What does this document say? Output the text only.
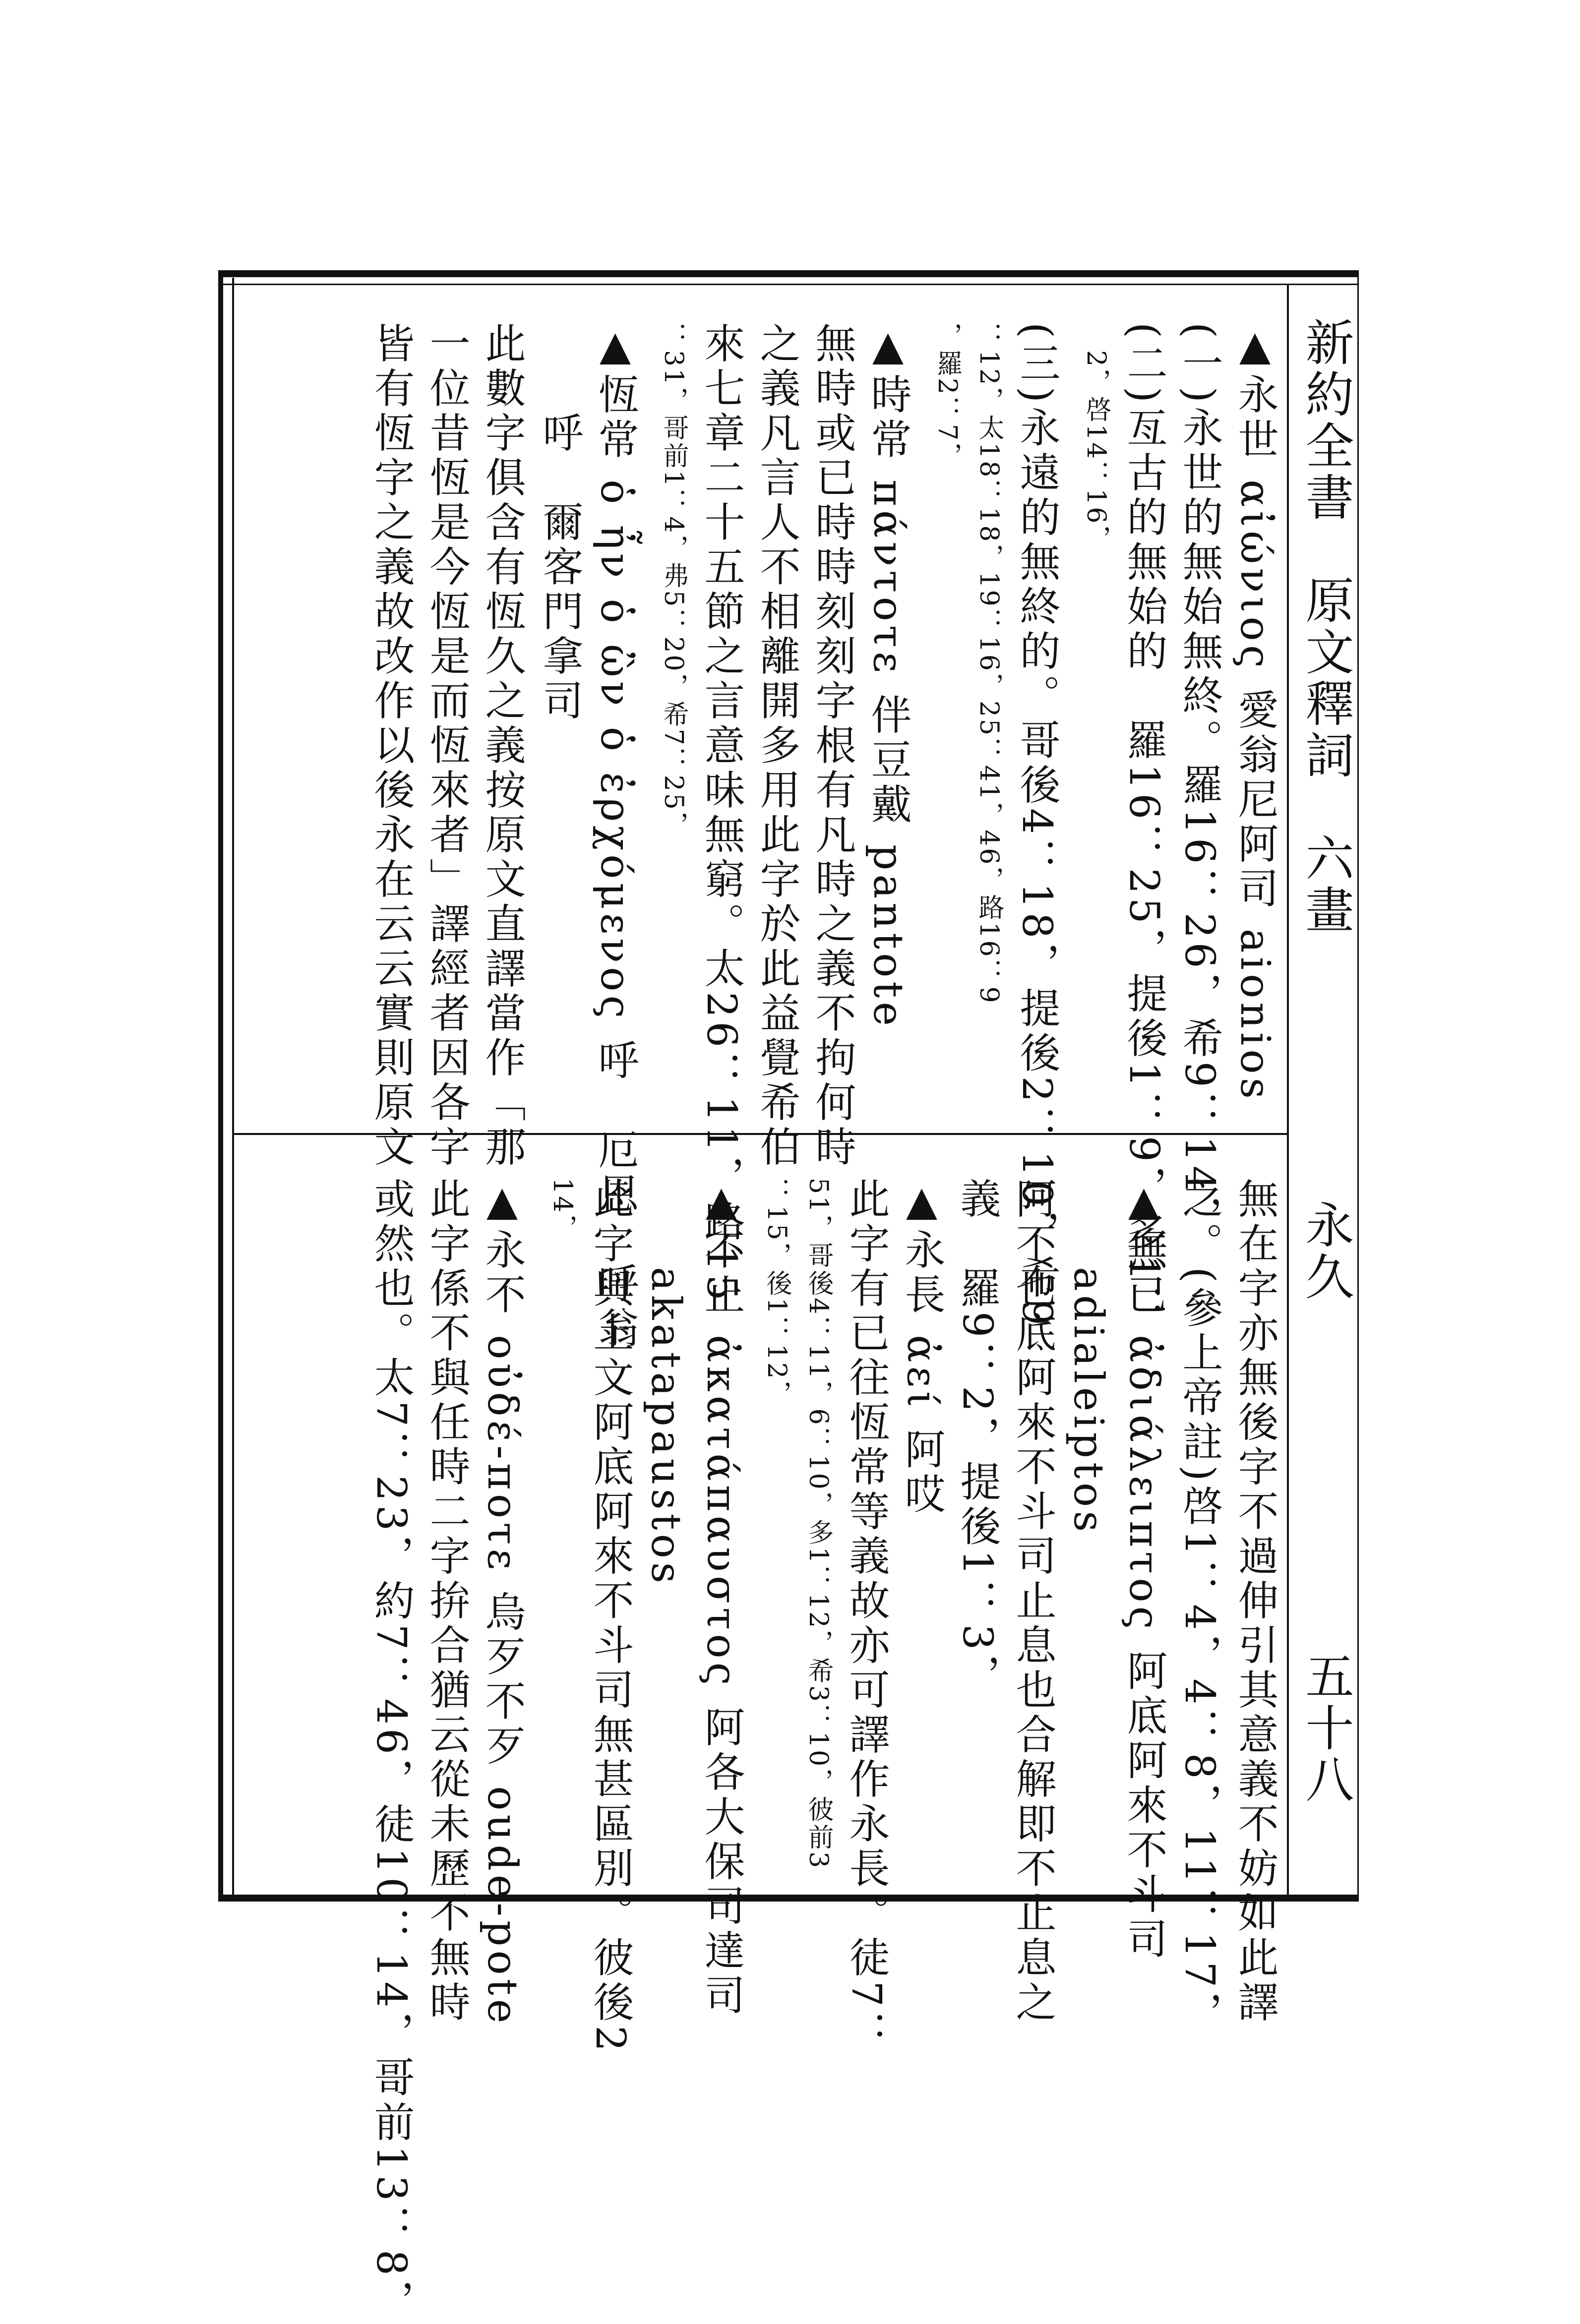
新約全書　原文釋詞　六畫
永久
五十八
▲永世 αἰώνιος 愛翁尼阿司 aionios
(一)永世的無始無終。羅16：26，希9：14，
(二)亙古的無始的　羅16：25，提後1：9，多1：
　2，啓14：16，
(三)永遠的無終的。哥後4：18，提後2：10，希9
：12，太18：18，19：16，25：41，46，路16：9
，羅2：7，
▲時常 πάντοτε 伴豆戴 pantote
無時或已時時刻刻字根有凡時之義不拘何時
之義凡言人不相離開多用此字於此益覺希伯
來七章二十五節之言意味無窮。太26：11，路15
：31，哥前1：4，弗5：20，希7：25，
▲恆常 ὁ ἦν ὁ ὢν ὁ ἐρχόμενος 呼　厄恩　呼翁
　　呼　爾客門拿司
此數字俱含有恆久之義按原文直譯當作「那
一位昔恆是今恆是而恆來者」譯經者因各字
皆有恆字之義故改作以後永在云云實則原文
無在字亦無後字不過伸引其意義不妨如此譯
之。(參上帝註)啓1：4，4：8，11：17，
▲無已 ἀδιάλειπτος 阿底阿來不斗司
　　adialeiptos
阿不也底阿來不斗司止息也合解即不止息之
義　羅9：2，提後1：3，
▲永長 ἀεί 阿哎
此字有已往恆常等義故亦可譯作永長。徒7：
51，哥後4：11，6：10，多1：12，希3：10，彼前3
：15，後1：12，
▲不止 ἀκατάπαυστος 阿各大保司達司
　　akatapaustos
此字與上文阿底阿來不斗司無甚區別。彼後2
14，
▲永不 οὐδέ-ποτε 烏歹不歹 oude-pote
此字係不與任時二字拚合猶云從未歷不無時
或然也。太7：23，約7：46，徒10：14，哥前13：8，
